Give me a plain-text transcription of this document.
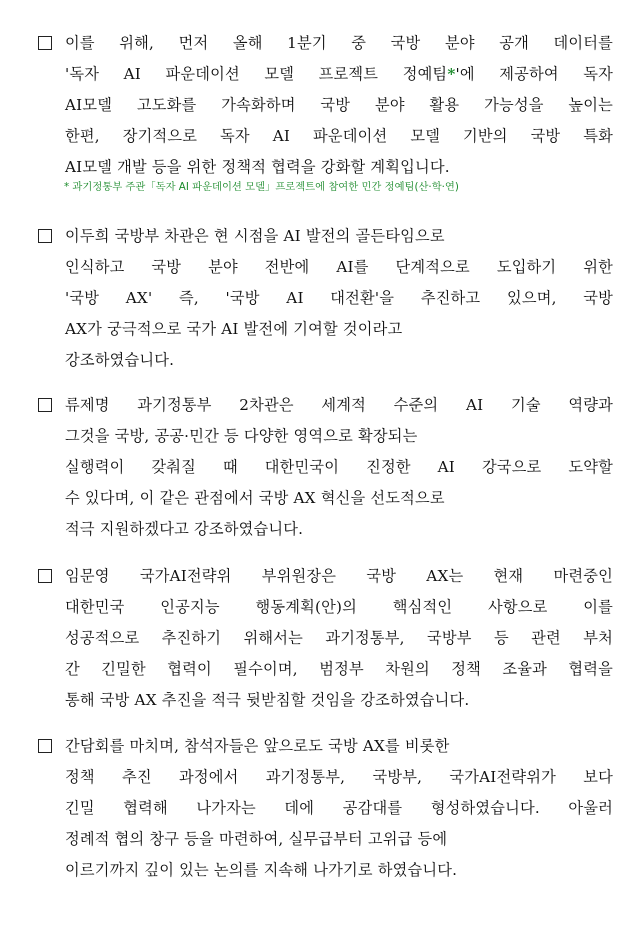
이를 위해, 먼저 올해 1분기 중 국방 분야 공개 데이터를
'독자 AI 파운데이션 모델 프로젝트 정예팀*'에 제공하여 독자
AI모델 고도화를 가속화하며 국방 분야 활용 가능성을 높이는
한편, 장기적으로 독자 AI 파운데이션 모델 기반의 국방 특화
AI모델 개발 등을 위한 정책적 협력을 강화할 계획입니다.
* 과기정통부 주관「독자 AI 파운데이션 모델」프로젝트에 참여한 민간 정예팀(산·학·연)
이두희 국방부 차관은 현 시점을 AI 발전의 골든타임으로
인식하고 국방 분야 전반에 AI를 단계적으로 도입하기 위한
'국방 AX' 즉, '국방 AI 대전환'을 추진하고 있으며, 국방
AX가 궁극적으로 국가 AI 발전에 기여할 것이라고
강조하였습니다.
류제명 과기정통부 2차관은 세계적 수준의 AI 기술 역량과
그것을 국방, 공공·민간 등 다양한 영역으로 확장되는
실행력이 갖춰질 때 대한민국이 진정한 AI 강국으로 도약할
수 있다며, 이 같은 관점에서 국방 AX 혁신을 선도적으로
적극 지원하겠다고 강조하였습니다.
임문영 국가AI전략위 부위원장은 국방 AX는 현재 마련중인
대한민국 인공지능 행동계획(안)의 핵심적인 사항으로 이를
성공적으로 추진하기 위해서는 과기정통부, 국방부 등 관련 부처
간 긴밀한 협력이 필수이며, 범정부 차원의 정책 조율과 협력을
통해 국방 AX 추진을 적극 뒷받침할 것임을 강조하였습니다.
간담회를 마치며, 참석자들은 앞으로도 국방 AX를 비롯한
정책 추진 과정에서 과기정통부, 국방부, 국가AI전략위가 보다
긴밀 협력해 나가자는 데에 공감대를 형성하였습니다. 아울러
정례적 협의 창구 등을 마련하여, 실무급부터 고위급 등에
이르기까지 깊이 있는 논의를 지속해 나가기로 하였습니다.
